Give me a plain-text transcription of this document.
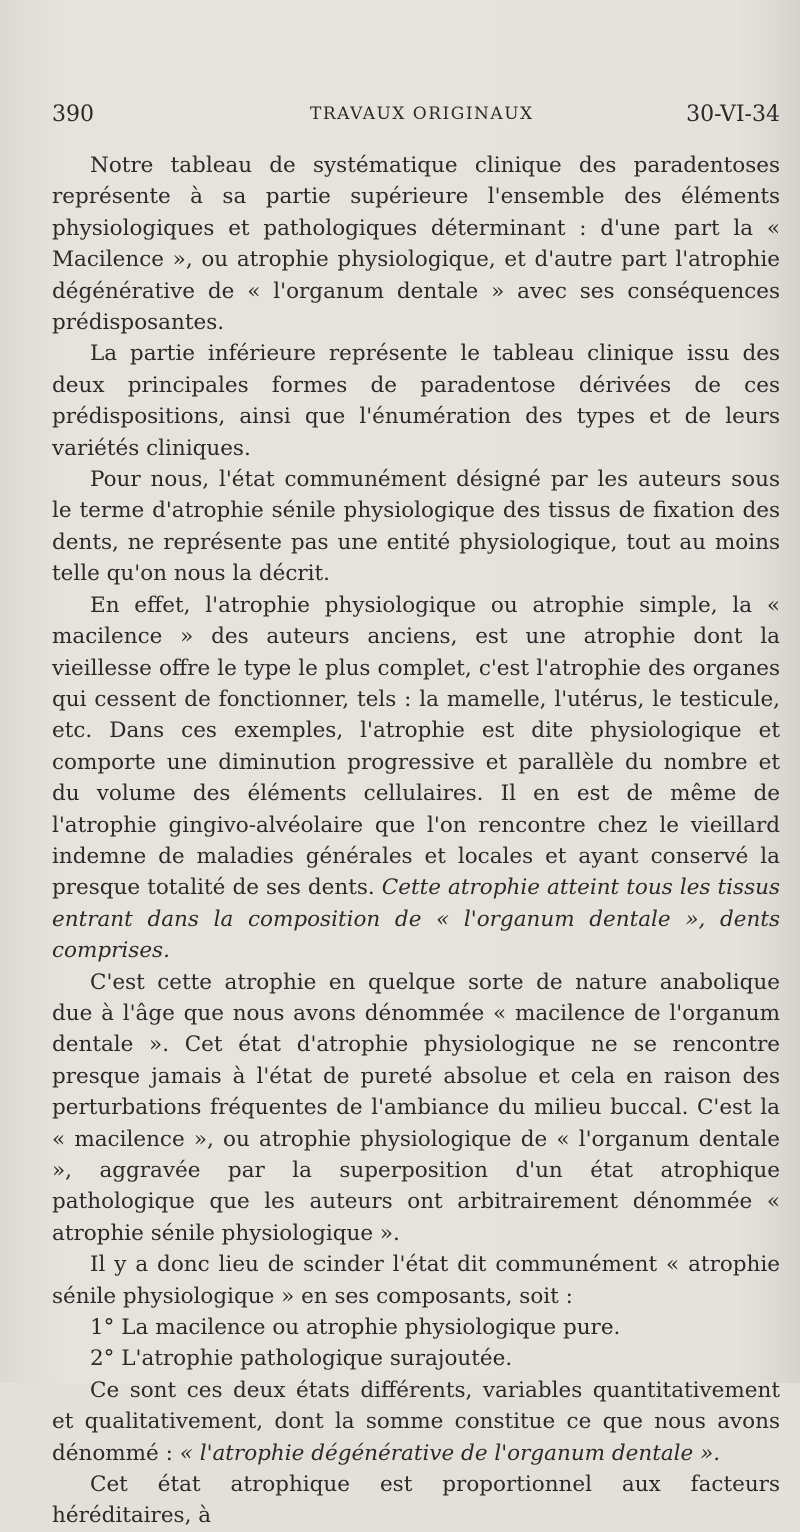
390	TRAVAUX ORIGINAUX	30-VI-34

Notre tableau de systématique clinique des paradentoses représente à sa partie supérieure l'ensemble des éléments physiologiques et pathologiques déterminant : d'une part la « Macilence », ou atrophie physiologique, et d'autre part l'atrophie dégénérative de « l'organum dentale » avec ses conséquences prédisposantes.

La partie inférieure représente le tableau clinique issu des deux principales formes de paradentose dérivées de ces prédispositions, ainsi que l'énumération des types et de leurs variétés cliniques.

Pour nous, l'état communément désigné par les auteurs sous le terme d'atrophie sénile physiologique des tissus de fixation des dents, ne représente pas une entité physiologique, tout au moins telle qu'on nous la décrit.

En effet, l'atrophie physiologique ou atrophie simple, la « macilence » des auteurs anciens, est une atrophie dont la vieillesse offre le type le plus complet, c'est l'atrophie des organes qui cessent de fonctionner, tels : la mamelle, l'utérus, le testicule, etc. Dans ces exemples, l'atrophie est dite physiologique et comporte une diminution progressive et parallèle du nombre et du volume des éléments cellulaires. Il en est de même de l'atrophie gingivo-alvéolaire que l'on rencontre chez le vieillard indemne de maladies générales et locales et ayant conservé la presque totalité de ses dents. Cette atrophie atteint tous les tissus entrant dans la composition de « l'organum dentale », dents comprises.

C'est cette atrophie en quelque sorte de nature anabolique due à l'âge que nous avons dénommée « macilence de l'organum dentale ». Cet état d'atrophie physiologique ne se rencontre presque jamais à l'état de pureté absolue et cela en raison des perturbations fréquentes de l'ambiance du milieu buccal. C'est la « macilence », ou atrophie physiologique de « l'organum dentale », aggravée par la superposition d'un état atrophique pathologique que les auteurs ont arbitrairement dénommée « atrophie sénile physiologique ».

Il y a donc lieu de scinder l'état dit communément « atrophie sénile physiologique » en ses composants, soit :

1° La macilence ou atrophie physiologique pure.

2° L'atrophie pathologique surajoutée.

Ce sont ces deux états différents, variables quantitativement et qualitativement, dont la somme constitue ce que nous avons dénommé : « l'atrophie dégénérative de l'organum dentale ».

Cet état atrophique est proportionnel aux facteurs héréditaires, à
